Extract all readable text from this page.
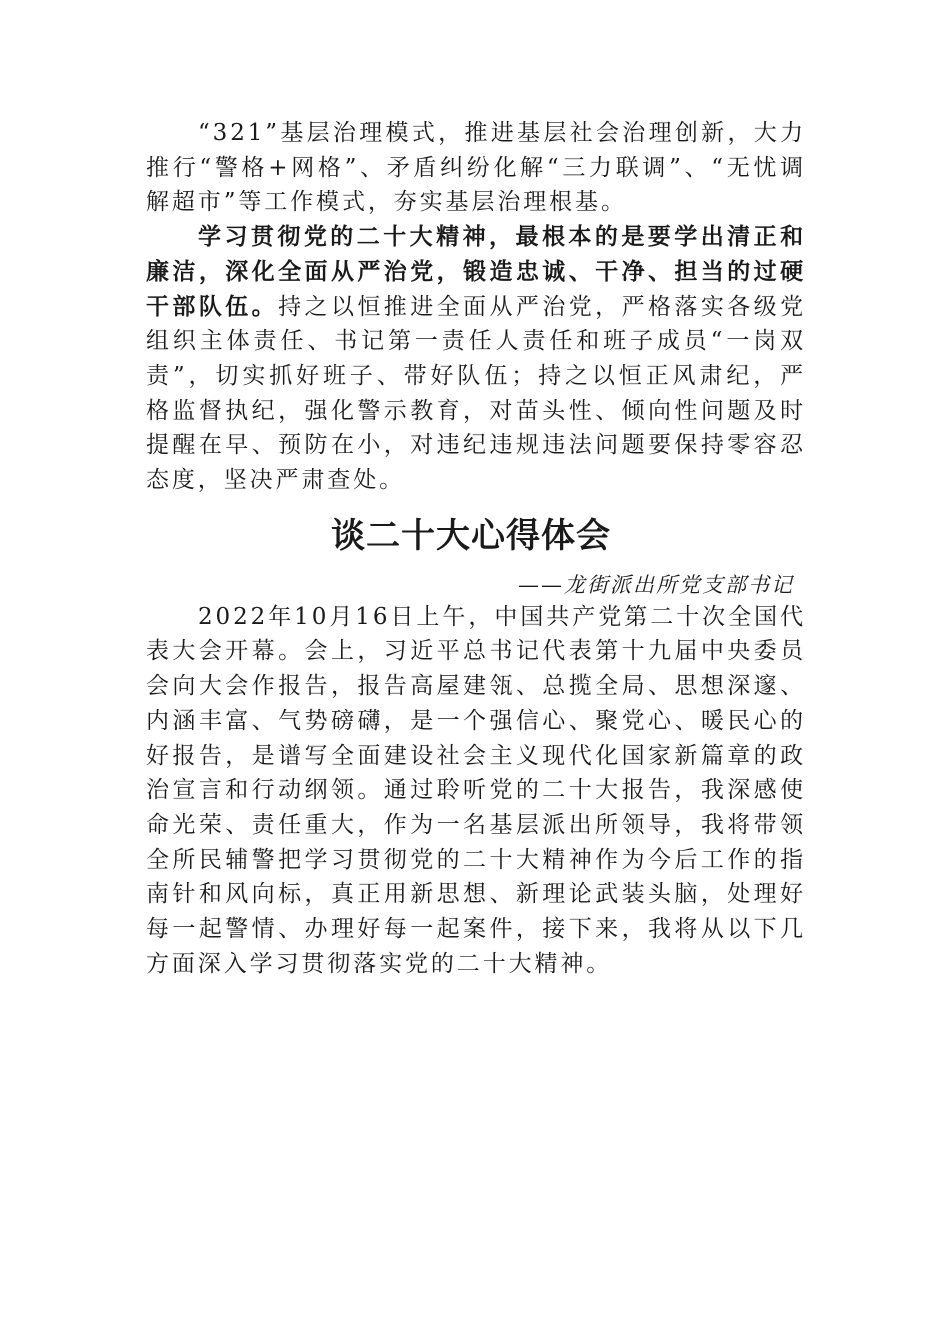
“321”基层治理模式，推进基层社会治理创新，大力推行“警格+网格”、矛盾纠纷化解“三力联调”、“无忧调解超市”等工作模式，夯实基层治理根基。

学习贯彻党的二十大精神，最根本的是要学出清正和廉洁，深化全面从严治党，锻造忠诚、干净、担当的过硬干部队伍。持之以恒推进全面从严治党，严格落实各级党组织主体责任、书记第一责任人责任和班子成员“一岗双责”，切实抓好班子、带好队伍；持之以恒正风肃纪，严格监督执纪，强化警示教育，对苗头性、倾向性问题及时提醒在早、预防在小，对违纪违规违法问题要保持零容忍态度，坚决严肃查处。

谈二十大心得体会

——龙街派出所党支部书记

2022年10月16日上午，中国共产党第二十次全国代表大会开幕。会上，习近平总书记代表第十九届中央委员会向大会作报告，报告高屋建瓴、总揽全局、思想深邃、内涵丰富、气势磅礴，是一个强信心、聚党心、暖民心的好报告，是谱写全面建设社会主义现代化国家新篇章的政治宣言和行动纲领。通过聆听党的二十大报告，我深感使命光荣、责任重大，作为一名基层派出所领导，我将带领全所民辅警把学习贯彻党的二十大精神作为今后工作的指南针和风向标，真正用新思想、新理论武装头脑，处理好每一起警情、办理好每一起案件，接下来，我将从以下几方面深入学习贯彻落实党的二十大精神。
